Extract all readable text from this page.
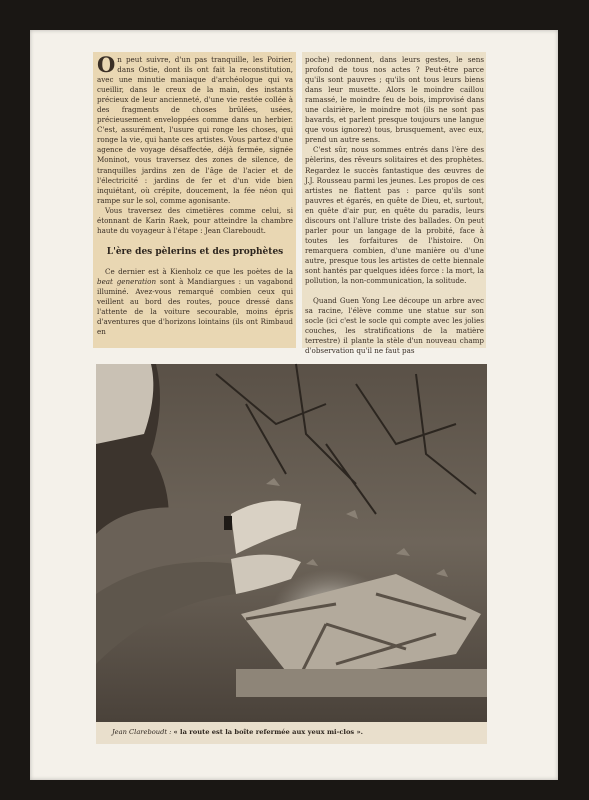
On peut suivre, d'un pas tranquille, les Poirier, dans Ostie, dont ils ont fait la reconstitution, avec une minutie maniaque d'archéologue qui va cueillir, dans le creux de la main, des instants précieux de leur ancienneté, d'une vie restée collée à des fragments de choses brûlées, usées, précieusement enveloppées comme dans un herbier. C'est, assurément, l'usure qui ronge les choses, qui ronge la vie, qui hante ces artistes. Vous partez d'une agence de voyage désaffectée, déjà fermée, signée Moninot, vous traversez des zones de silence, de tranquilles jardins zen de l'âge de l'acier et de l'électricité : jardins de fer et d'un vide bien inquiétant, où crépite, doucement, la fée néon qui rampe sur le sol, comme agonisante.

Vous traversez des cimetières comme celui, si étonnant de Karin Raek, pour atteindre la chambre haute du voyageur à l'étape : Jean Clareboudt.

L'ère des pèlerins et des prophètes

Ce dernier est à Kienholz ce que les poètes de la beat generation sont à Mandiargues : un vagabond illuminé. Avez-vous remarqué combien ceux qui veillent au bord des routes, pouce dressé dans l'attente de la voiture secourable, moins épris d'aventures que d'horizons lointains (ils ont Rimbaud en

poche) redonnent, dans leurs gestes, le sens profond de tous nos actes ? Peut-être parce qu'ils sont pauvres ; qu'ils ont tous leurs biens dans leur musette. Alors le moindre caillou ramassé, le moindre feu de bois, improvisé dans une clairière, le moindre mot (ils ne sont pas bavards, et parlent presque toujours une langue que vous ignorez) tous, brusquement, avec eux, prend un autre sens.

C'est sûr, nous sommes entrés dans l'ère des pèlerins, des rêveurs solitaires et des prophètes. Regardez le succès fantastique des œuvres de J.J. Rousseau parmi les jeunes. Les propos de ces artistes ne flattent pas : parce qu'ils sont pauvres et égarés, en quête de Dieu, et, surtout, en quête d'air pur, en quête du paradis, leurs discours ont l'allure triste des ballades. On peut parler pour un langage de la probité, face à toutes les forfaitures de l'histoire. On remarquera combien, d'une manière ou d'une autre, presque tous les artistes de cette biennale sont hantés par quelques idées force : la mort, la pollution, la non-communication, la solitude.

Quand Guen Yong Lee découpe un arbre avec sa racine, l'élève comme une statue sur son socle (ici c'est le socle qui compte avec les jolies couches, les stratifications de la matière terrestre) il plante la stèle d'un nouveau champ d'observation qu'il ne faut pas

Jean Clareboudt : « la route est la boîte refermée aux yeux mi-clos ».
